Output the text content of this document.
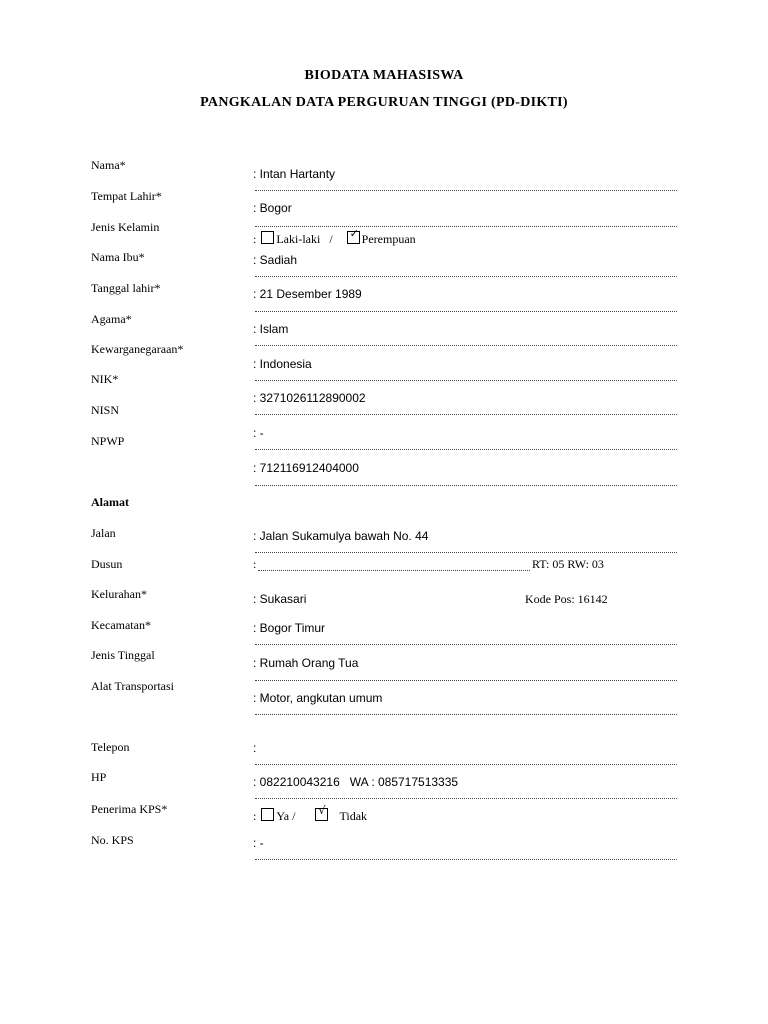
BIODATA MAHASISWA
PANGKALAN DATA PERGURUAN TINGGI (PD-DIKTI)
Nama*
: Intan Hartanty
Tempat Lahir*
: Bogor
Jenis Kelamin
: Laki-laki / ✓ Perempuan
Nama Ibu*	: Sadiah
Tanggal lahir*	: 21 Desember 1989
Agama*
: Islam
Kewarganegaraan*
: Indonesia
NIK*
: 3271026112890002
NISN
: -
NPWP
: 712116912404000
Alamat
Jalan	: Jalan Sukamulya bawah No. 44
Dusun	:	RT: 05 RW: 03
Kelurahan*	: Sukasari	Kode Pos: 16142
Kecamatan*	: Bogor Timur
Jenis Tinggal
: Rumah Orang Tua
Alat Transportasi
: Motor, angkutan umum
Telepon	:
HP	: 082210043216   WA : 085717513335
Penerima KPS*	: Ya / √ Tidak
No. KPS	: -
